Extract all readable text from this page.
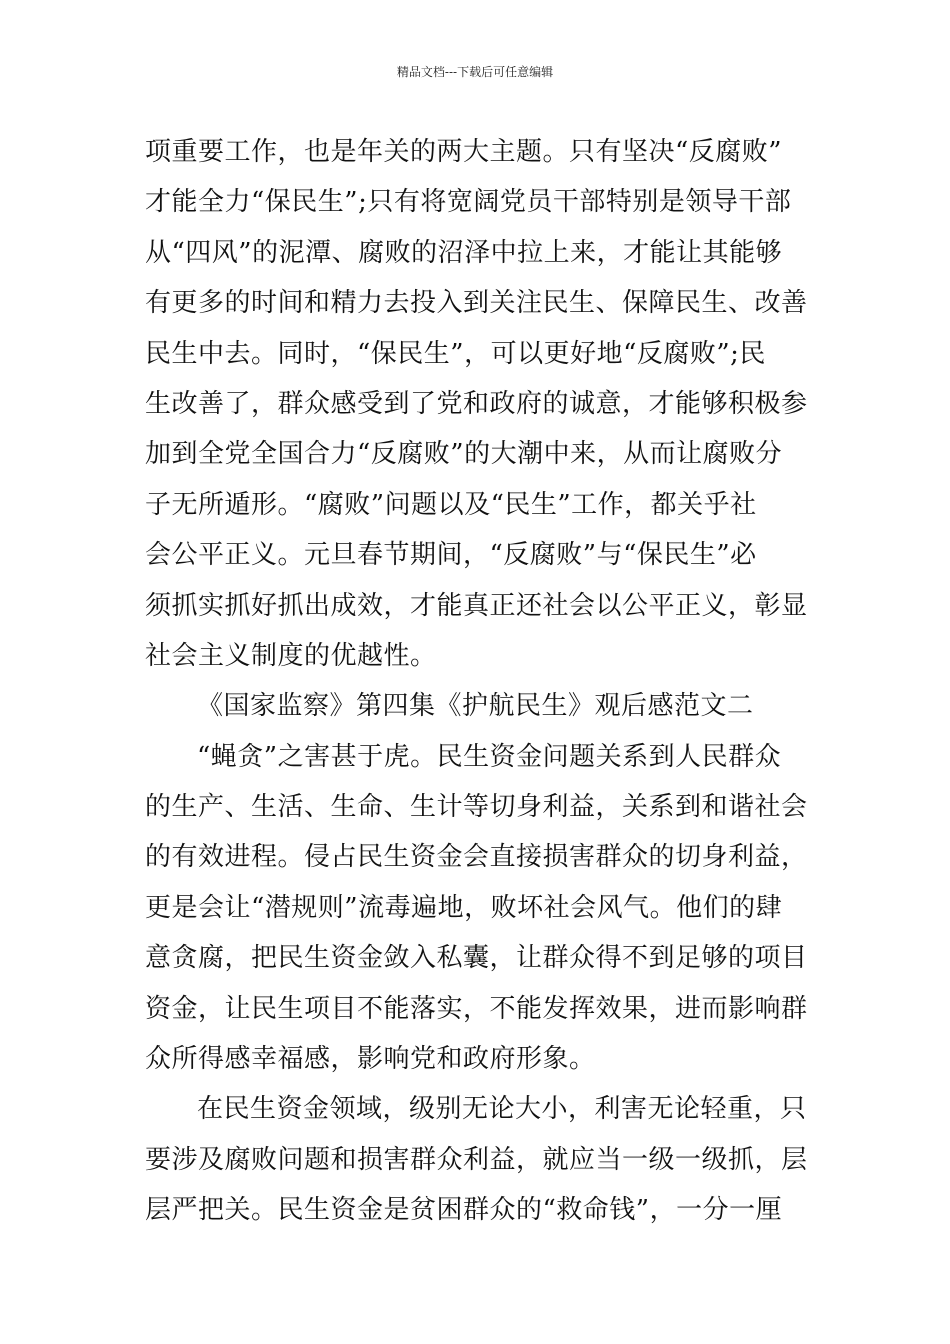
精品文档---下载后可任意编辑
项重要工作，也是年关的两大主题。只有坚决“反腐败”
才能全力“保民生”;只有将宽阔党员干部特别是领导干部
从“四风”的泥潭、腐败的沼泽中拉上来，才能让其能够
有更多的时间和精力去投入到关注民生、保障民生、改善
民生中去。同时，“保民生”，可以更好地“反腐败”;民
生改善了，群众感受到了党和政府的诚意，才能够积极参
加到全党全国合力“反腐败”的大潮中来，从而让腐败分
子无所遁形。“腐败”问题以及“民生”工作，都关乎社
会公平正义。元旦春节期间，“反腐败”与“保民生”必
须抓实抓好抓出成效，才能真正还社会以公平正义，彰显
社会主义制度的优越性。
《国家监察》第四集《护航民生》观后感范文二
“蝇贪”之害甚于虎。民生资金问题关系到人民群众
的生产、生活、生命、生计等切身利益，关系到和谐社会
的有效进程。侵占民生资金会直接损害群众的切身利益，
更是会让“潜规则”流毒遍地，败坏社会风气。他们的肆
意贪腐，把民生资金敛入私囊，让群众得不到足够的项目
资金，让民生项目不能落实，不能发挥效果，进而影响群
众所得感幸福感，影响党和政府形象。
在民生资金领域，级别无论大小，利害无论轻重，只
要涉及腐败问题和损害群众利益，就应当一级一级抓，层
层严把关。民生资金是贫困群众的“救命钱”，一分一厘
